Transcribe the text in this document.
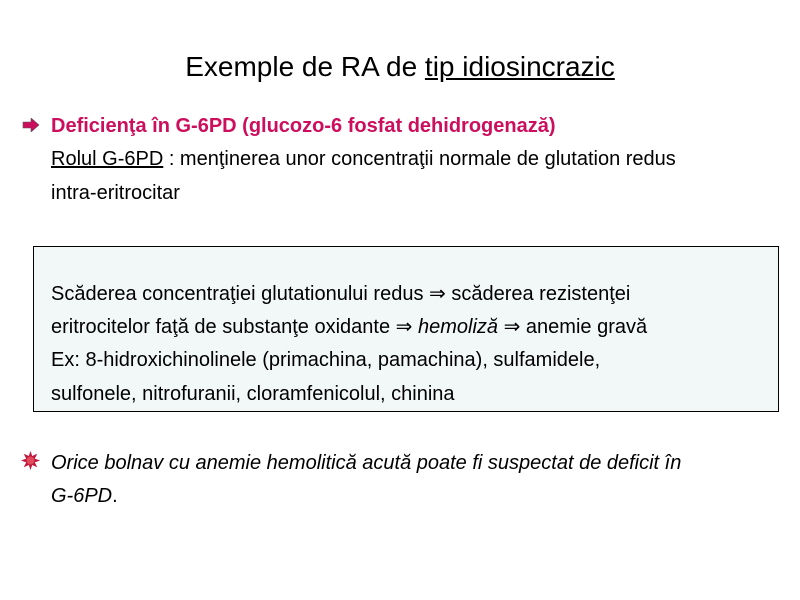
Exemple de RA de tip idiosincrazic
Deficienţa în G-6PD (glucozo-6 fosfat dehidrogenază)
Rolul G-6PD : menţinerea unor concentraţii normale de glutation redus
intra-eritrocitar
Scăderea concentraţiei glutationului redus ⇒ scăderea rezistenţei
eritrocitelor faţă de substanţe oxidante ⇒ hemoliză ⇒ anemie gravă
Ex: 8-hidroxichinolinele (primachina, pamachina), sulfamidele,
sulfonele, nitrofuranii, cloramfenicolul, chinina
Orice bolnav cu anemie hemolitică acută poate fi suspectat de deficit în
G-6PD.
